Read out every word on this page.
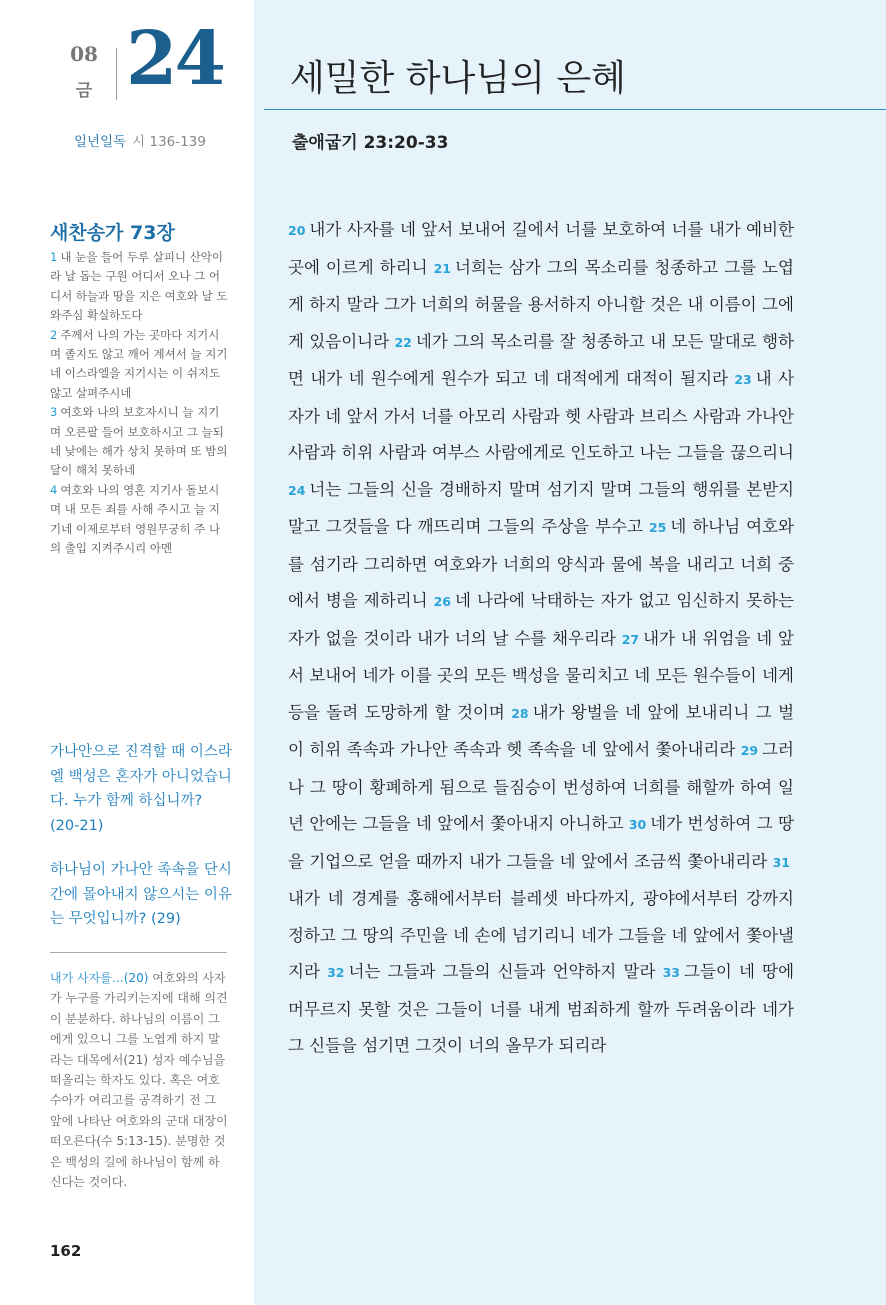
08
금 24
일년일독 시 136-139
새찬송가 73장

1 내 눈을 들어 두루 살피니 산악이라 날 돕는 구원 어디서 오나 그 어디서 하늘과 땅을 지은 여호와 날 도와주심 확실하도다

2 주께서 나의 가는 곳마다 지기시며 졸지도 않고 깨어 계셔서 늘 지기네 이스라엘을 지기시는 이 쉬지도 않고 살펴주시네

3 여호와 나의 보호자시니 늘 지기며 오른팔 들어 보호하시고 그 늘되네 낮에는 해가 상치 못하며 또 밤의 달이 해치 못하네

4 여호와 나의 영혼 지기사 돌보시며 내 모든 죄를 사해 주시고 늘 지기네 이제로부터 영원무궁히 주 나의 출입 지켜주시리 아멘

가나안으로 진격할 때 이스라엘 백성은 혼자가 아니었습니다. 누가 함께 하십니까? (20-21)

하나님이 가나안 족속을 단시간에 몰아내지 않으시는 이유는 무엇입니까? (29)

내가 사자를…(20) 여호와의 사자가 누구를 가리키는지에 대해 의견이 분분하다. 하나님의 이름이 그에게 있으니 그를 노엽게 하지 말라는 대목에서(21) 성자 예수님을 떠올리는 학자도 있다. 혹은 여호수아가 여리고를 공격하기 전 그 앞에 나타난 여호와의 군대 대장이 떠오른다(수 5:13-15). 분명한 것은 백성의 길에 하나님이 함께 하신다는 것이다.
162
세밀한 하나님의 은혜
출애굽기 23:20-33
20 내가 사자를 네 앞서 보내어 길에서 너를 보호하여 너를 내가 예비한 곳에 이르게 하리니 21 너희는 삼가 그의 목소리를 청종하고 그를 노엽게 하지 말라 그가 너희의 허물을 용서하지 아니할 것은 내 이름이 그에게 있음이니라 22 네가 그의 목소리를 잘 청종하고 내 모든 말대로 행하면 내가 네 원수에게 원수가 되고 네 대적에게 대적이 될지라 23 내 사자가 네 앞서 가서 너를 아모리 사람과 헷 사람과 브리스 사람과 가나안 사람과 히위 사람과 여부스 사람에게로 인도하고 나는 그들을 끊으리니 24 너는 그들의 신을 경배하지 말며 섬기지 말며 그들의 행위를 본받지 말고 그것들을 다 깨뜨리며 그들의 주상을 부수고 25 네 하나님 여호와를 섬기라 그리하면 여호와가 너희의 양식과 물에 복을 내리고 너희 중에서 병을 제하리니 26 네 나라에 낙태하는 자가 없고 임신하지 못하는 자가 없을 것이라 내가 너의 날 수를 채우리라 27 내가 내 위엄을 네 앞서 보내어 네가 이를 곳의 모든 백성을 물리치고 네 모든 원수들이 네게 등을 돌려 도망하게 할 것이며 28 내가 왕벌을 네 앞에 보내리니 그 벌이 히위 족속과 가나안 족속과 헷 족속을 네 앞에서 쫓아내리라 29 그러나 그 땅이 황폐하게 됨으로 들짐승이 번성하여 너희를 해할까 하여 일 년 안에는 그들을 네 앞에서 쫓아내지 아니하고 30 네가 번성하여 그 땅을 기업으로 얻을 때까지 내가 그들을 네 앞에서 조금씩 쫓아내리라 31내가 네 경계를 홍해에서부터 블레셋 바다까지, 광야에서부터 강까지 정하고 그 땅의 주민을 네 손에 넘기리니 네가 그들을 네 앞에서 쫓아낼지라 32 너는 그들과 그들의 신들과 언약하지 말라 33 그들이 네 땅에 머무르지 못할 것은 그들이 너를 내게 범죄하게 할까 두려움이라 네가 그 신들을 섬기면 그것이 너의 올무가 되리라
